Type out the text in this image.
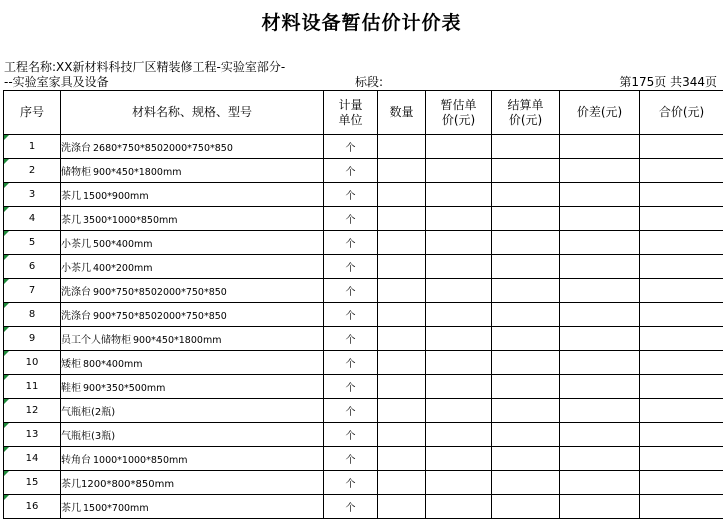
材料设备暂估价计价表
工程名称:XX新材料科技厂区精装修工程-实验室部分-
--实验室家具及设备	标段:	第175页 共344页
序号	材料名称、规格、型号	计量
单位	数量	暂估单
价(元)	结算单
价(元)	价差(元)	合价(元)

1	洗涤台 2680*750*8502000*750*850	个					

2	储物柜 900*450*1800mm	个					

3	茶几 1500*900mm	个					

4	茶几 3500*1000*850mm	个					

5	小茶几 500*400mm	个					

6	小茶几 400*200mm	个					

7	洗涤台 900*750*8502000*750*850	个					

8	洗涤台 900*750*8502000*750*850	个					

9	员工个人储物柜 900*450*1800mm	个					

10	矮柜 800*400mm	个					

11	鞋柜 900*350*500mm	个					

12	气瓶柜(2瓶)	个					

13	气瓶柜(3瓶)	个					

14	转角台 1000*1000*850mm	个					

15	茶几1200*800*850mm	个					

16	茶几 1500*700mm	个					
